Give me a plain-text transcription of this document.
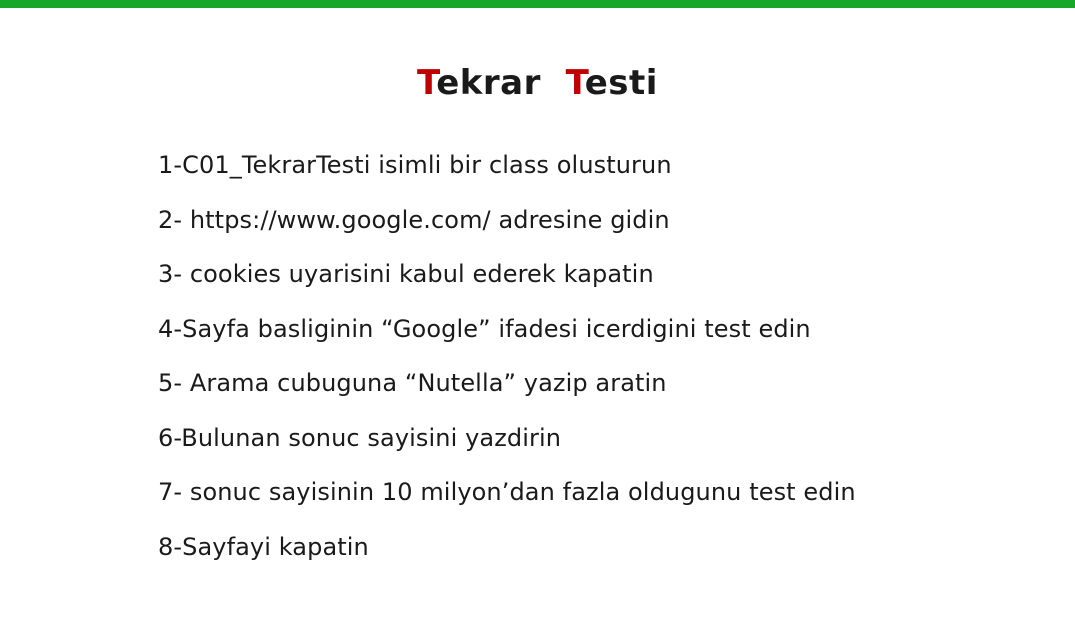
Tekrar Testi
1-C01_TekrarTesti isimli bir class olusturun
2- https://www.google.com/ adresine gidin
3- cookies uyarisini kabul ederek kapatin
4-Sayfa basliginin “Google” ifadesi icerdigini test edin
5- Arama cubuguna “Nutella” yazip aratin
6-Bulunan sonuc sayisini yazdirin
7- sonuc sayisinin 10 milyon’dan fazla oldugunu test edin
8-Sayfayi kapatin
